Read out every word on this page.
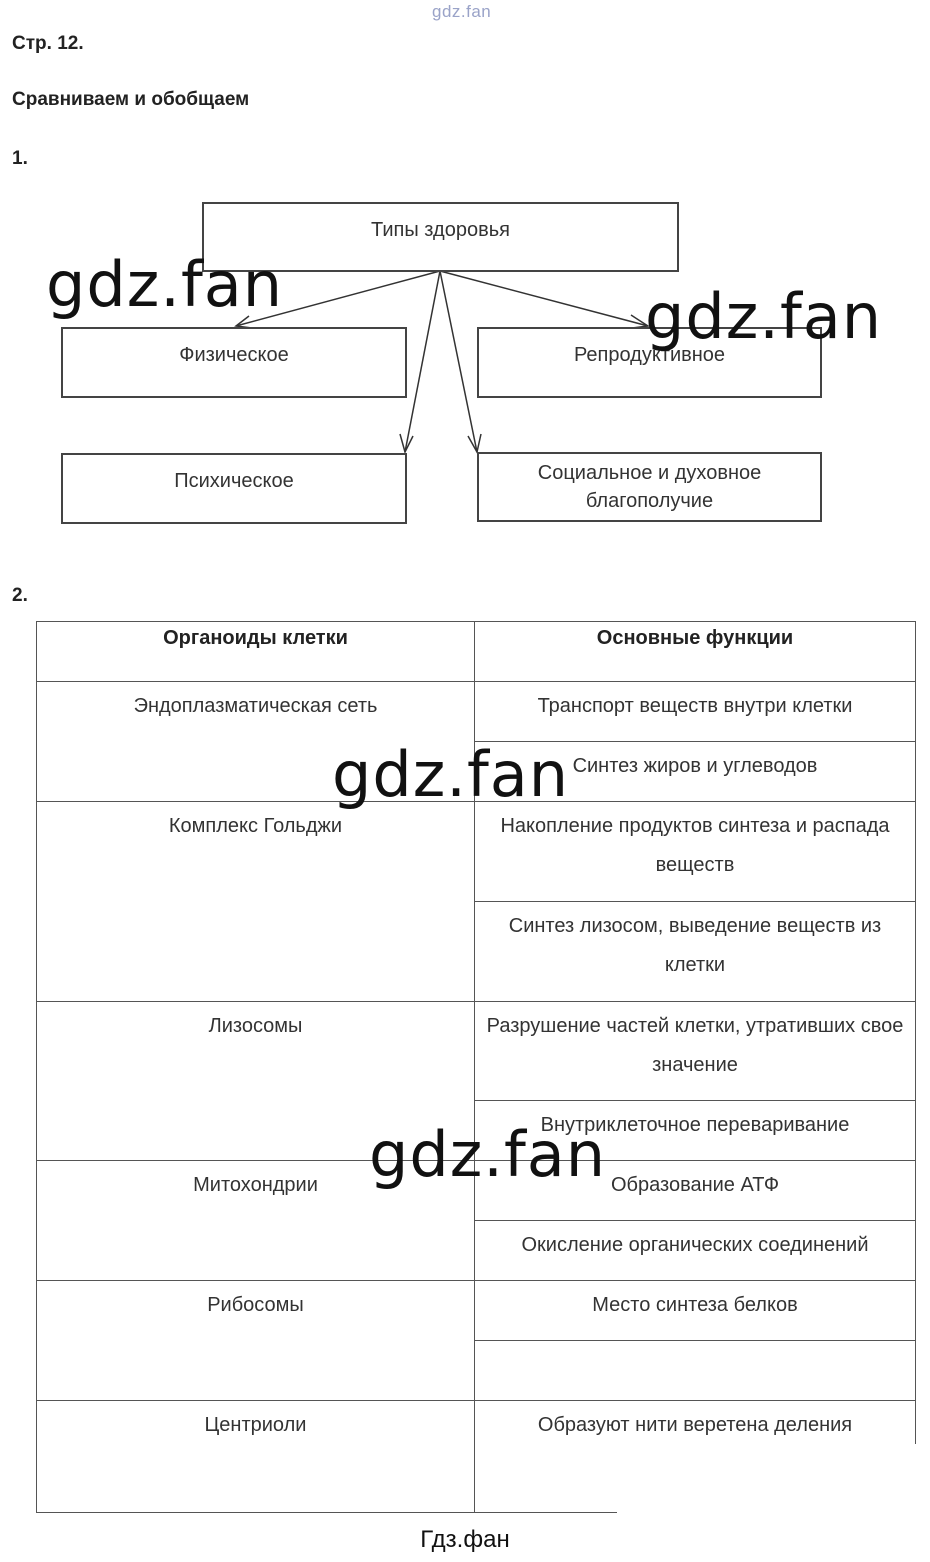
gdz.fan
Стр. 12.
Сравниваем и обобщаем
1.
Типы здоровья
Физическое	Репродуктивное
Психическое	Социальное и духовное благополучие
2.
Органоиды клетки	Основные функции
Эндоплазматическая сеть	Транспорт веществ внутри клетки
	Синтез жиров и углеводов
Комплекс Гольджи	Накопление продуктов синтеза и распада веществ
	Синтез лизосом, выведение веществ из клетки
Лизосомы	Разрушение частей клетки, утративших свое значение
	Внутриклеточное переваривание
Митохондрии	Образование АТФ
	Окисление органических соединений
Рибосомы	Место синтеза белков

Центриоли	Образуют нити веретена деления
gdz.fan	gdz.fan
gdz.fan
gdz.fan
Гдз.фан
